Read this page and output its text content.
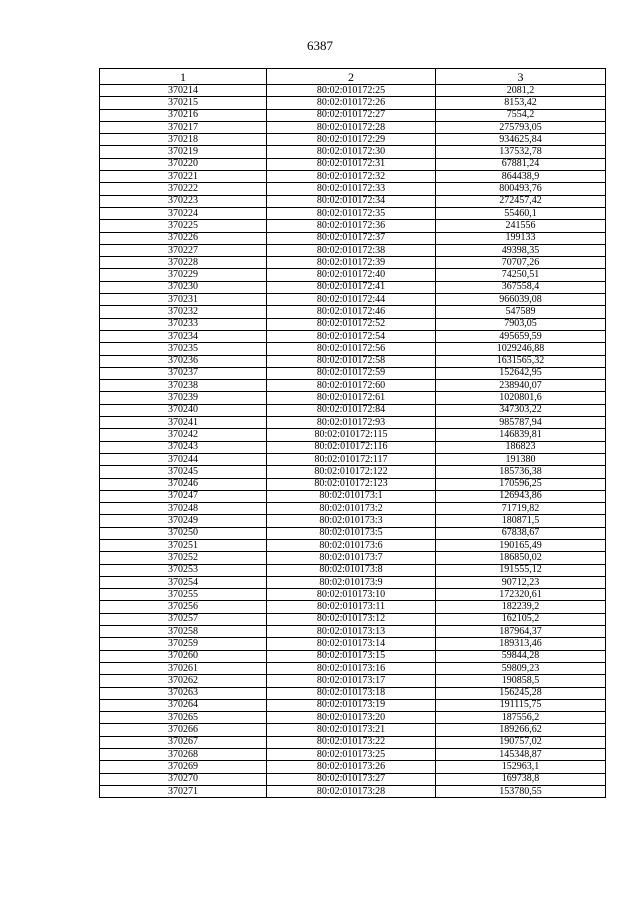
6387
1	2	3
370214	80:02:010172:25	2081,2
370215	80:02:010172:26	8153,42
370216	80:02:010172:27	7554,2
370217	80:02:010172:28	275793,05
370218	80:02:010172:29	934625,84
370219	80:02:010172:30	137532,78
370220	80:02:010172:31	67881,24
370221	80:02:010172:32	864438,9
370222	80:02:010172:33	800493,76
370223	80:02:010172:34	272457,42
370224	80:02:010172:35	55460,1
370225	80:02:010172:36	241556
370226	80:02:010172:37	199133
370227	80:02:010172:38	49398,35
370228	80:02:010172:39	70707,26
370229	80:02:010172:40	74250,51
370230	80:02:010172:41	367558,4
370231	80:02:010172:44	966039,08
370232	80:02:010172:46	547589
370233	80:02:010172:52	7903,05
370234	80:02:010172:54	495659,59
370235	80:02:010172:56	1029246,88
370236	80:02:010172:58	1631565,32
370237	80:02:010172:59	152642,95
370238	80:02:010172:60	238940,07
370239	80:02:010172:61	1020801,6
370240	80:02:010172:84	347303,22
370241	80:02:010172:93	985787,94
370242	80:02:010172:115	146839,81
370243	80:02:010172:116	186823
370244	80:02:010172:117	191380
370245	80:02:010172:122	185736,38
370246	80:02:010172:123	170596,25
370247	80:02:010173:1	126943,86
370248	80:02:010173:2	71719,82
370249	80:02:010173:3	180871,5
370250	80:02:010173:5	67838,67
370251	80:02:010173:6	190165,49
370252	80:02:010173:7	186850,02
370253	80:02:010173:8	191555,12
370254	80:02:010173:9	90712,23
370255	80:02:010173:10	172320,61
370256	80:02:010173:11	182239,2
370257	80:02:010173:12	162105,2
370258	80:02:010173:13	187964,37
370259	80:02:010173:14	189313,46
370260	80:02:010173:15	59844,28
370261	80:02:010173:16	59809,23
370262	80:02:010173:17	190858,5
370263	80:02:010173:18	156245,28
370264	80:02:010173:19	191115,75
370265	80:02:010173:20	187556,2
370266	80:02:010173:21	189266,62
370267	80:02:010173:22	190757,02
370268	80:02:010173:25	145348,87
370269	80:02:010173:26	152963,1
370270	80:02:010173:27	169738,8
370271	80:02:010173:28	153780,55
